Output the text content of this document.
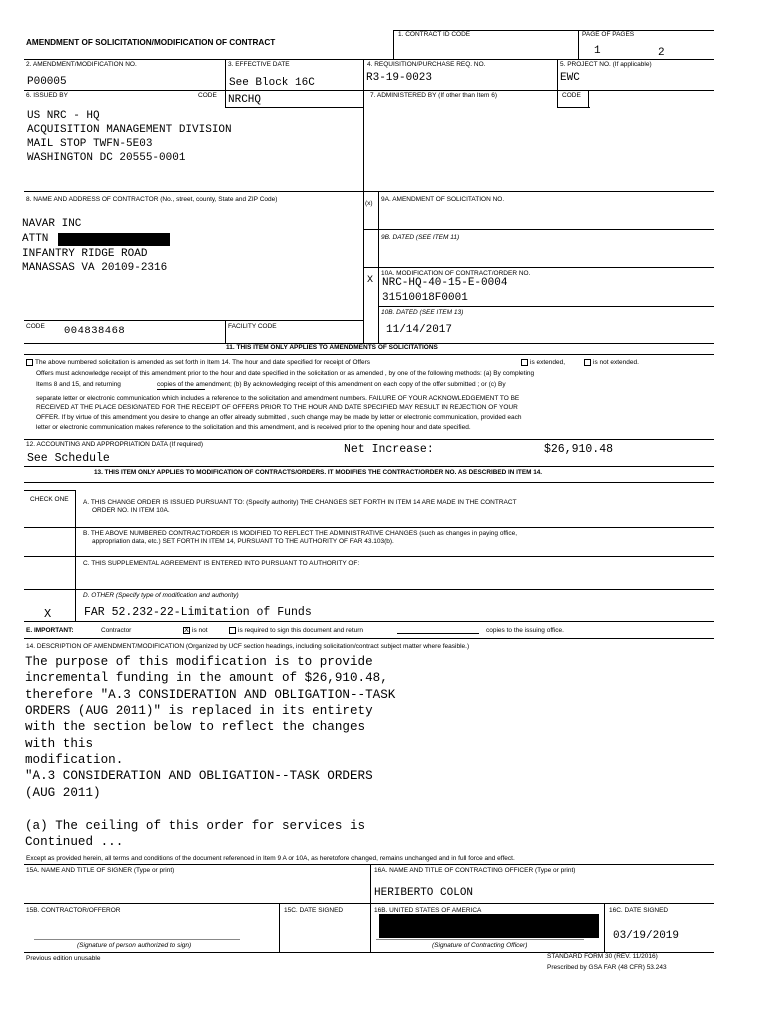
AMENDMENT OF SOLICITATION/MODIFICATION OF CONTRACT
1. CONTRACT ID CODE	PAGE OF PAGES
1	2
2. AMENDMENT/MODIFICATION NO.
P00005
3. EFFECTIVE DATE
See Block 16C
4. REQUISITION/PURCHASE REQ. NO.
R3-19-0023
5. PROJECT NO. (If applicable)
EWC
6. ISSUED BY	CODE NRCHQ	7. ADMINISTERED BY (If other than Item 6)	CODE
US NRC - HQ
ACQUISITION MANAGEMENT DIVISION
MAIL STOP TWFN-5E03
WASHINGTON DC 20555-0001
8. NAME AND ADDRESS OF CONTRACTOR (No., street, county, State and ZIP Code)
NAVAR INC
ATTN
INFANTRY RIDGE ROAD
MANASSAS VA 20109-2316
CODE 004838468	FACILITY CODE
(x)
9A. AMENDMENT OF SOLICITATION NO.
9B. DATED (SEE ITEM 11)
X
10A. MODIFICATION OF CONTRACT/ORDER NO.
NRC-HQ-40-15-E-0004
31510018F0001
10B. DATED (SEE ITEM 13)
11/14/2017
11. THIS ITEM ONLY APPLIES TO AMENDMENTS OF SOLICITATIONS
The above numbered solicitation is amended as set forth in Item 14. The hour and date specified for receipt of Offers	is extended,	is not extended.
Offers must acknowledge receipt of this amendment prior to the hour and date specified in the solicitation or as amended , by one of the following methods: (a) By completing
Items 8 and 15, and returning                    copies of the amendment; (b) By acknowledging receipt of this amendment on each copy of the offer submitted ; or (c) By
separate letter or electronic communication which includes a reference to the solicitation and amendment numbers. FAILURE OF YOUR ACKNOWLEDGEMENT TO BE
RECEIVED AT THE PLACE DESIGNATED FOR THE RECEIPT OF OFFERS PRIOR TO THE HOUR AND DATE SPECIFIED MAY RESULT IN REJECTION OF YOUR
OFFER. If by virtue of this amendment you desire to change an offer already submitted , such change may be made by letter or electronic communication, provided each
letter or electronic communication makes reference to the solicitation and this amendment, and is received prior to the opening hour and date specified.
12. ACCOUNTING AND APPROPRIATION DATA (If required)
See Schedule
Net Increase:	$26,910.48
13. THIS ITEM ONLY APPLIES TO MODIFICATION OF CONTRACTS/ORDERS. IT MODIFIES THE CONTRACT/ORDER NO. AS DESCRIBED IN ITEM 14.
CHECK ONE A. THIS CHANGE ORDER IS ISSUED PURSUANT TO: (Specify authority) THE CHANGES SET FORTH IN ITEM 14 ARE MADE IN THE CONTRACT
ORDER NO. IN ITEM 10A.
B. THE ABOVE NUMBERED CONTRACT/ORDER IS MODIFIED TO REFLECT THE ADMINISTRATIVE CHANGES (such as changes in paying office,
appropriation data, etc.) SET FORTH IN ITEM 14, PURSUANT TO THE AUTHORITY OF FAR 43.103(b).
C. THIS SUPPLEMENTAL AGREEMENT IS ENTERED INTO PURSUANT TO AUTHORITY OF:
D. OTHER (Specify type of modification and authority)
X	FAR 52.232-22-Limitation of Funds
E. IMPORTANT:	Contractor	X is not	is required to sign this document and return	copies to the issuing office.
14. DESCRIPTION OF AMENDMENT/MODIFICATION (Organized by UCF section headings, including solicitation/contract subject matter where feasible.)
The purpose of this modification is to provide
incremental funding in the amount of $26,910.48,
therefore "A.3 CONSIDERATION AND OBLIGATION--TASK
ORDERS (AUG 2011)" is replaced in its entirety
with the section below to reflect the changes
with this
modification.
"A.3 CONSIDERATION AND OBLIGATION--TASK ORDERS
(AUG 2011)
(a) The ceiling of this order for services is
Continued ...
Except as provided herein, all terms and conditions of the document referenced in Item 9 A or 10A, as heretofore changed, remains unchanged and in full force and effect.
15A. NAME AND TITLE OF SIGNER (Type or print)	16A. NAME AND TITLE OF CONTRACTING OFFICER (Type or print)
HERIBERTO COLON
15B. CONTRACTOR/OFFEROR	15C. DATE SIGNED	16B. UNITED STATES OF AMERICA	16C. DATE SIGNED
03/19/2019
(Signature of person authorized to sign)	(Signature of Contracting Officer)
Previous edition unusable	STANDARD FORM 30 (REV. 11/2016)
Prescribed by GSA FAR (48 CFR) 53.243
